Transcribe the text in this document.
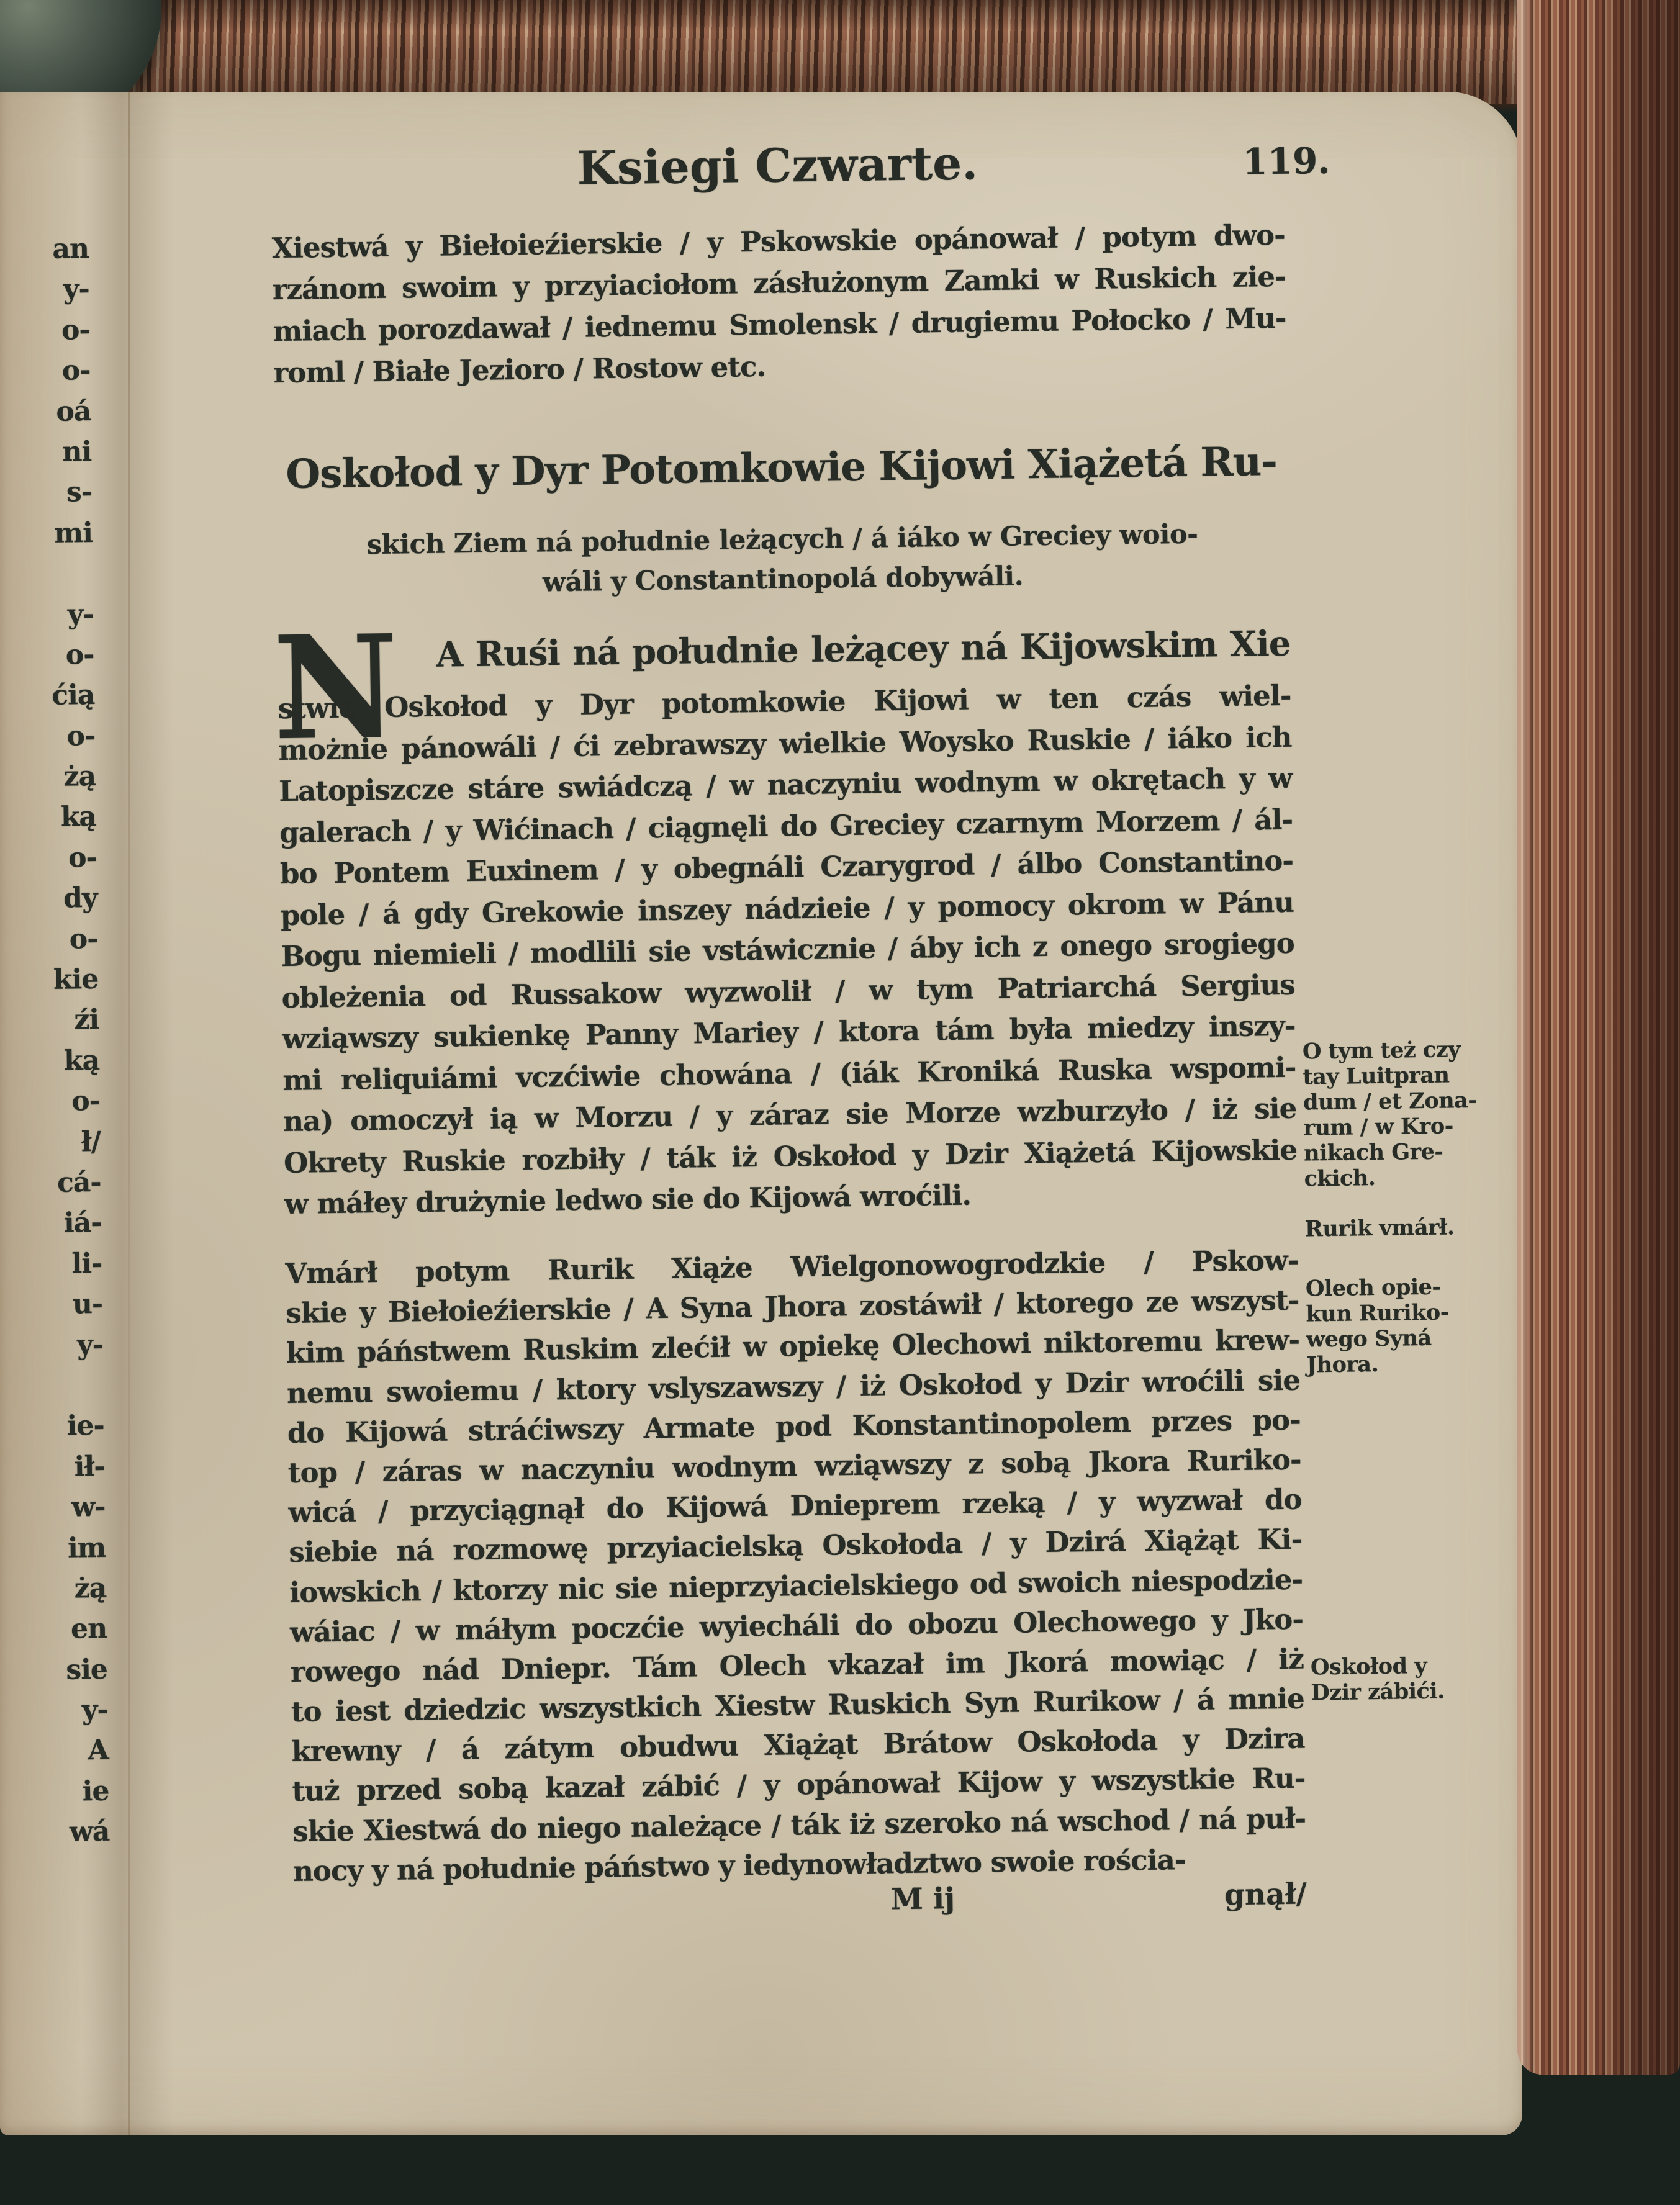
an
y-
o-
o-
oá
ni
s-
mi
y-
o-
ćią
o-
żą
ką
o-
dy
o-
kie
źi
ką
o-
ł/
cá-
iá-
li-
u-
y-
ie-
ił-
w-
im
żą
en
sie
y-
A
ie
wá
Ksiegi Czwarte.	119.
Xiestwá y Biełoieźierskie / y Pskowskie opánował / potym dwo-
rzánom swoim y przyiaciołom zásłużonym Zamki w Ruskich zie-
miach porozdawał / iednemu Smolensk / drugiemu Połocko / Mu-
roml / Białe Jezioro / Rostow etc.
Oskołod y Dyr Potomkowie Kijowi Xiążetá Ru-
skich Ziem ná południe leżących / á iáko w Greciey woio-
wáli y Constantinopolá dobywáli.
N A Ruśi ná południe leżącey ná Kijowskim Xie
stwie Oskołod y Dyr potomkowie Kijowi w ten czás wiel-
możnie pánowáli / ći zebrawszy wielkie Woysko Ruskie / iáko ich
Latopiszcze stáre swiádczą / w naczyniu wodnym w okrętach y w
galerach / y Wićinach / ciągnęli do Greciey czarnym Morzem / ál-
bo Pontem Euxinem / y obegnáli Czarygrod / álbo Constantino-
pole / á gdy Grekowie inszey nádzieie / y pomocy okrom w Pánu
Bogu niemieli / modlili sie vstáwicznie / áby ich z onego srogiego
obleżenia od Russakow wyzwolił / w tym Patriarchá Sergius
wziąwszy sukienkę Panny Mariey / ktora tám była miedzy inszy-
mi reliquiámi vczćiwie chowána / (iák Kroniká Ruska wspomi-
na) omoczył ią w Morzu / y záraz sie Morze wzburzyło / iż sie
Okrety Ruskie rozbiły / ták iż Oskołod y Dzir Xiążetá Kijowskie
w máłey drużynie ledwo sie do Kijowá wroćili.
Vmárł potym Rurik Xiąże Wielgonowogrodzkie / Pskow-
skie y Biełoieźierskie / A Syna Jhora zostáwił / ktorego ze wszyst-
kim páństwem Ruskim zlećił w opiekę Olechowi niktoremu krew-
nemu swoiemu / ktory vslyszawszy / iż Oskołod y Dzir wroćili sie
do Kijowá stráćiwszy Armate pod Konstantinopolem przes po-
top / záras w naczyniu wodnym wziąwszy z sobą Jkora Ruriko-
wicá / przyciągnął do Kijowá Dnieprem rzeką / y wyzwał do
siebie ná rozmowę przyiacielską Oskołoda / y Dzirá Xiążąt Ki-
iowskich / ktorzy nic sie nieprzyiacielskiego od swoich niespodzie-
wáiac / w máłym poczćie wyiecháli do obozu Olechowego y Jko-
rowego nád Dniepr. Tám Olech vkazał im Jkorá mowiąc / iż
to iest dziedzic wszystkich Xiestw Ruskich Syn Rurikow / á mnie
krewny / á zátym obudwu Xiążąt Brátow Oskołoda y Dzira
tuż przed sobą kazał zábić / y opánował Kijow y wszystkie Ru-
skie Xiestwá do niego należące / ták iż szeroko ná wschod / ná puł-
nocy y ná południe páństwo y iedynowładztwo swoie rościa-
M ij	gnął/
O tym też czy
tay Luitpran
dum / et Zona-
rum / w Kro-
nikach Gre-
ckich.
Rurik vmárł.
Olech opie-
kun Ruriko-
wego Syná
Jhora.
Oskołod y
Dzir zábići.
